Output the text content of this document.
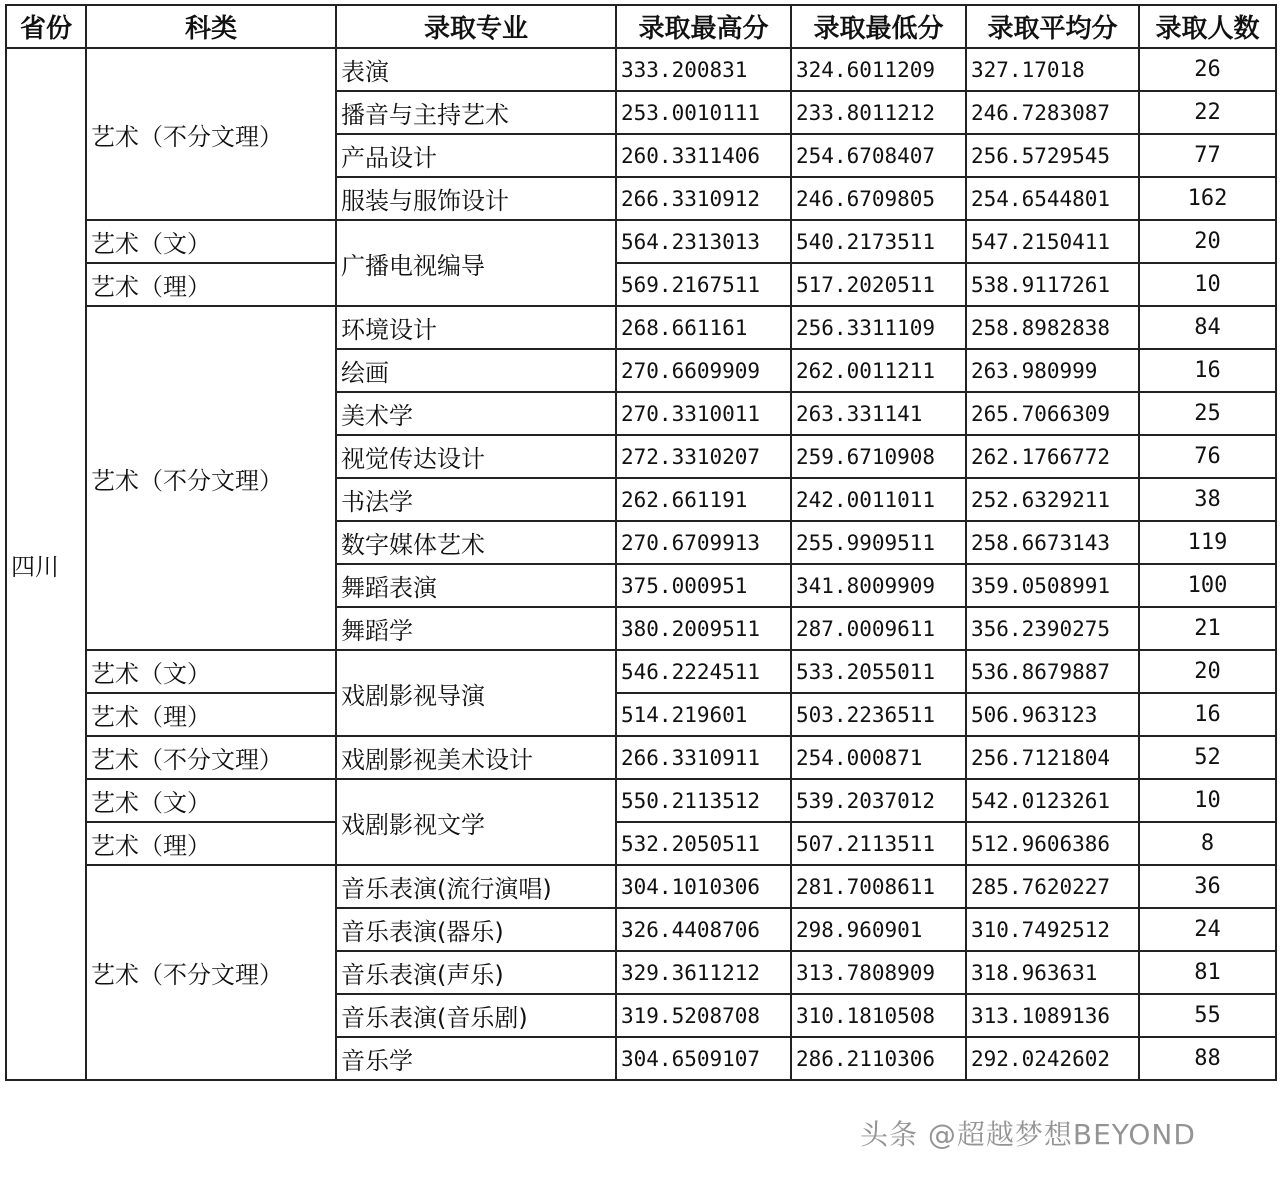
省份	科类	录取专业	录取最高分	录取最低分	录取平均分	录取人数
四川	艺术（不分文理）	表演	333.200831	324.6011209	327.17018	26
		播音与主持艺术	253.0010111	233.8011212	246.7283087	22
		产品设计	260.3311406	254.6708407	256.5729545	77
		服装与服饰设计	266.3310912	246.6709805	254.6544801	162
	艺术（文）	广播电视编导	564.2313013	540.2173511	547.2150411	20
	艺术（理）		569.2167511	517.2020511	538.9117261	10
	艺术（不分文理）	环境设计	268.661161	256.3311109	258.8982838	84
		绘画	270.6609909	262.0011211	263.980999	16
		美术学	270.3310011	263.331141	265.7066309	25
		视觉传达设计	272.3310207	259.6710908	262.1766772	76
		书法学	262.661191	242.0011011	252.6329211	38
		数字媒体艺术	270.6709913	255.9909511	258.6673143	119
		舞蹈表演	375.000951	341.8009909	359.0508991	100
		舞蹈学	380.2009511	287.0009611	356.2390275	21
	艺术（文）	戏剧影视导演	546.2224511	533.2055011	536.8679887	20
	艺术（理）		514.219601	503.2236511	506.963123	16
	艺术（不分文理）	戏剧影视美术设计	266.3310911	254.000871	256.7121804	52
	艺术（文）	戏剧影视文学	550.2113512	539.2037012	542.0123261	10
	艺术（理）		532.2050511	507.2113511	512.9606386	8
	艺术（不分文理）	音乐表演(流行演唱)	304.1010306	281.7008611	285.7620227	36
		音乐表演(器乐)	326.4408706	298.960901	310.7492512	24
		音乐表演(声乐)	329.3611212	313.7808909	318.963631	81
		音乐表演(音乐剧)	319.5208708	310.1810508	313.1089136	55
		音乐学	304.6509107	286.2110306	292.0242602	88
头条 @超越梦想BEYOND
